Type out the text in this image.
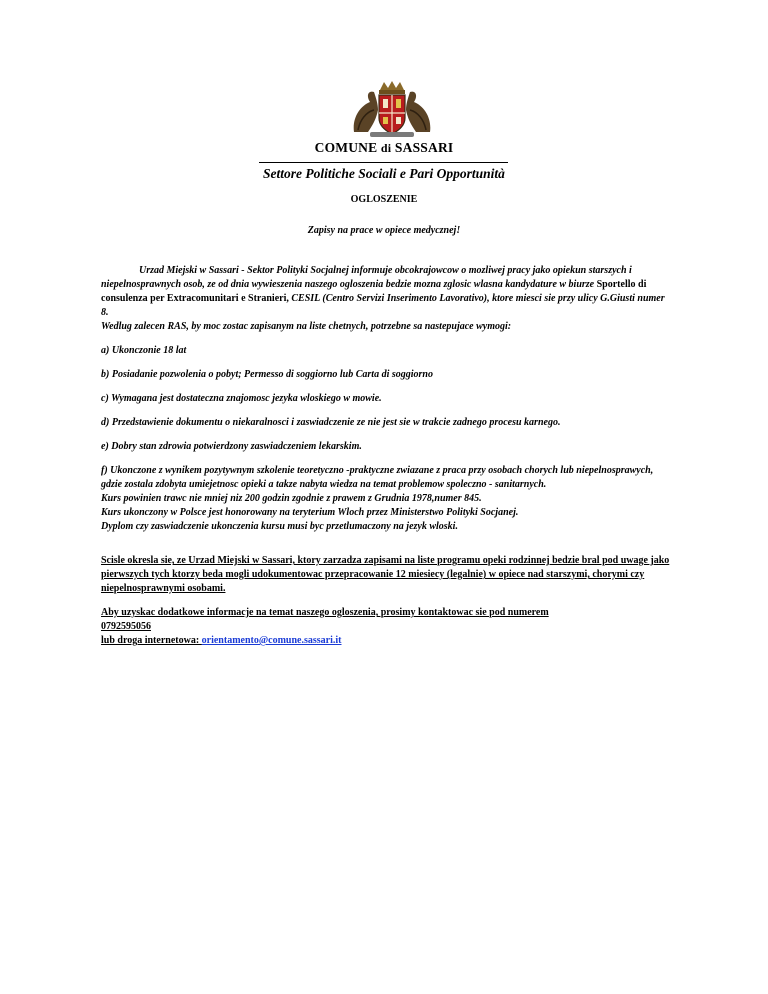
COMUNE di SASSARI
Settore Politiche Sociali e Pari Opportunità
OGLOSZENIE
Zapisy na prace w opiece medycznej!

Urzad Miejski w Sassari - Sektor Polityki Socjalnej informuje obcokrajowcow o mozliwej pracy jako opiekun starszych i niepelnosprawnych osob, ze od dnia wywieszenia naszego ogloszenia bedzie mozna zglosic wlasna kandydature w biurze Sportello di consulenza per Extracomunitari e Stranieri, CESIL (Centro Servizi Inserimento Lavorativo), ktore miesci sie przy ulicy G.Giusti numer 8.

Wedlug zalecen RAS, by moc zostac zapisanym na liste chetnych, potrzebne sa nastepujace wymogi:

a) Ukonczonie 18 lat

b) Posiadanie pozwolenia o pobyt; Permesso di soggiorno lub Carta di soggiorno

c) Wymagana jest dostateczna znajomosc jezyka wloskiego w mowie.

d) Przedstawienie dokumentu o niekaralnosci i zaswiadczenie ze nie jest sie w trakcie zadnego procesu karnego.

e) Dobry stan zdrowia potwierdzony zaswiadczeniem lekarskim.

f) Ukonczone z wynikem pozytywnym szkolenie teoretyczno -praktyczne zwiazane z praca przy osobach chorych lub niepelnosprawych, gdzie zostala zdobyta umiejetnosc opieki a takze nabyta wiedza na temat problemow spoleczno - sanitarnych.

Kurs powinien trawc nie mniej niz 200 godzin zgodnie z prawem z Grudnia 1978,numer 845.

Kurs ukonczony w Polsce jest honorowany na teryterium Wloch przez Ministerstwo Polityki Socjanej.

Dyplom czy zaswiadczenie ukonczenia kursu musi byc przetlumaczony na jezyk wloski.

Scisle okresla sie, ze Urzad Miejski w Sassari, ktory zarzadza zapisami na liste programu opeki rodzinnej bedzie bral pod uwage jako pierwszych tych ktorzy beda mogli udokumentowac przepracowanie 12 miesiecy (legalnie) w opiece nad starszymi, chorymi czy niepelnosprawnymi osobami.

Aby uzyskac dodatkowe informacje na temat naszego ogloszenia, prosimy kontaktowac sie pod numerem

0792595056

lub droga internetowa: orientamento@comune.sassari.it
